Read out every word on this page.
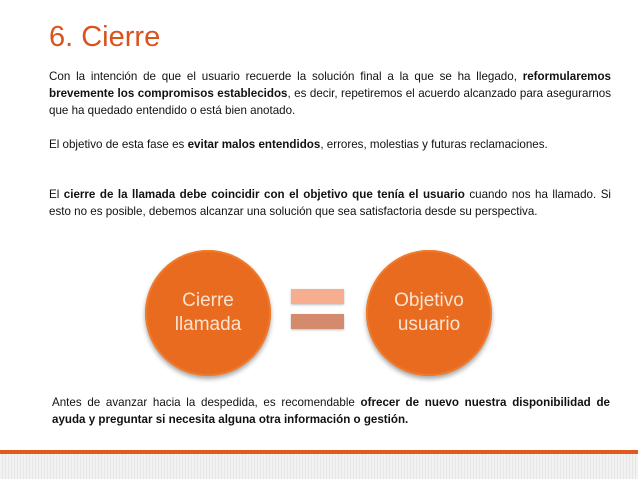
6. Cierre
Con la intención de que el usuario recuerde la solución final a la que se ha llegado, reformularemos brevemente los compromisos establecidos, es decir, repetiremos el acuerdo alcanzado para asegurarnos que ha quedado entendido o está bien anotado.
El objetivo de esta fase es evitar malos entendidos, errores, molestias y futuras reclamaciones.
El cierre de la llamada debe coincidir con el objetivo que tenía el usuario cuando nos ha llamado. Si esto no es posible, debemos alcanzar una solución que sea satisfactoria desde su perspectiva.
Cierre
llamada
Objetivo
usuario
Antes de avanzar hacia la despedida, es recomendable ofrecer de nuevo nuestra disponibilidad de ayuda y preguntar si necesita alguna otra información o gestión.
